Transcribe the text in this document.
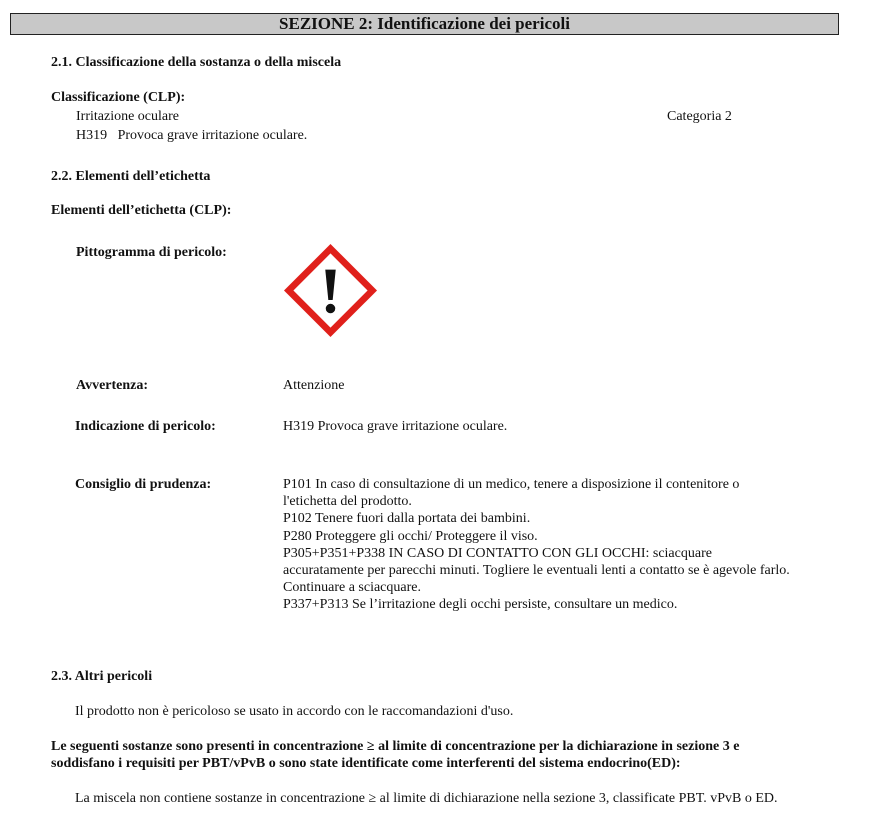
SEZIONE 2: Identificazione dei pericoli
2.1. Classificazione della sostanza o della miscela
Classificazione (CLP):
Irritazione oculare	Categoria 2
H319   Provoca grave irritazione oculare.
2.2. Elementi dell’etichetta
Elementi dell’etichetta (CLP):
Pittogramma di pericolo:
Avvertenza:	Attenzione
Indicazione di pericolo:	H319 Provoca grave irritazione oculare.
Consiglio di prudenza:	P101 In caso di consultazione di un medico, tenere a disposizione il contenitore o
l'etichetta del prodotto.
P102 Tenere fuori dalla portata dei bambini.
P280 Proteggere gli occhi/ Proteggere il viso.
P305+P351+P338 IN CASO DI CONTATTO CON GLI OCCHI: sciacquare
accuratamente per parecchi minuti. Togliere le eventuali lenti a contatto se è agevole farlo.
Continuare a sciacquare.
P337+P313 Se l’irritazione degli occhi persiste, consultare un medico.
2.3. Altri pericoli
Il prodotto non è pericoloso se usato in accordo con le raccomandazioni d'uso.
Le seguenti sostanze sono presenti in concentrazione ≥ al limite di concentrazione per la dichiarazione in sezione 3 e
soddisfano i requisiti per PBT/vPvB o sono state identificate come interferenti del sistema endocrino(ED):
La miscela non contiene sostanze in concentrazione ≥ al limite di dichiarazione nella sezione 3, classificate PBT. vPvB o ED.
